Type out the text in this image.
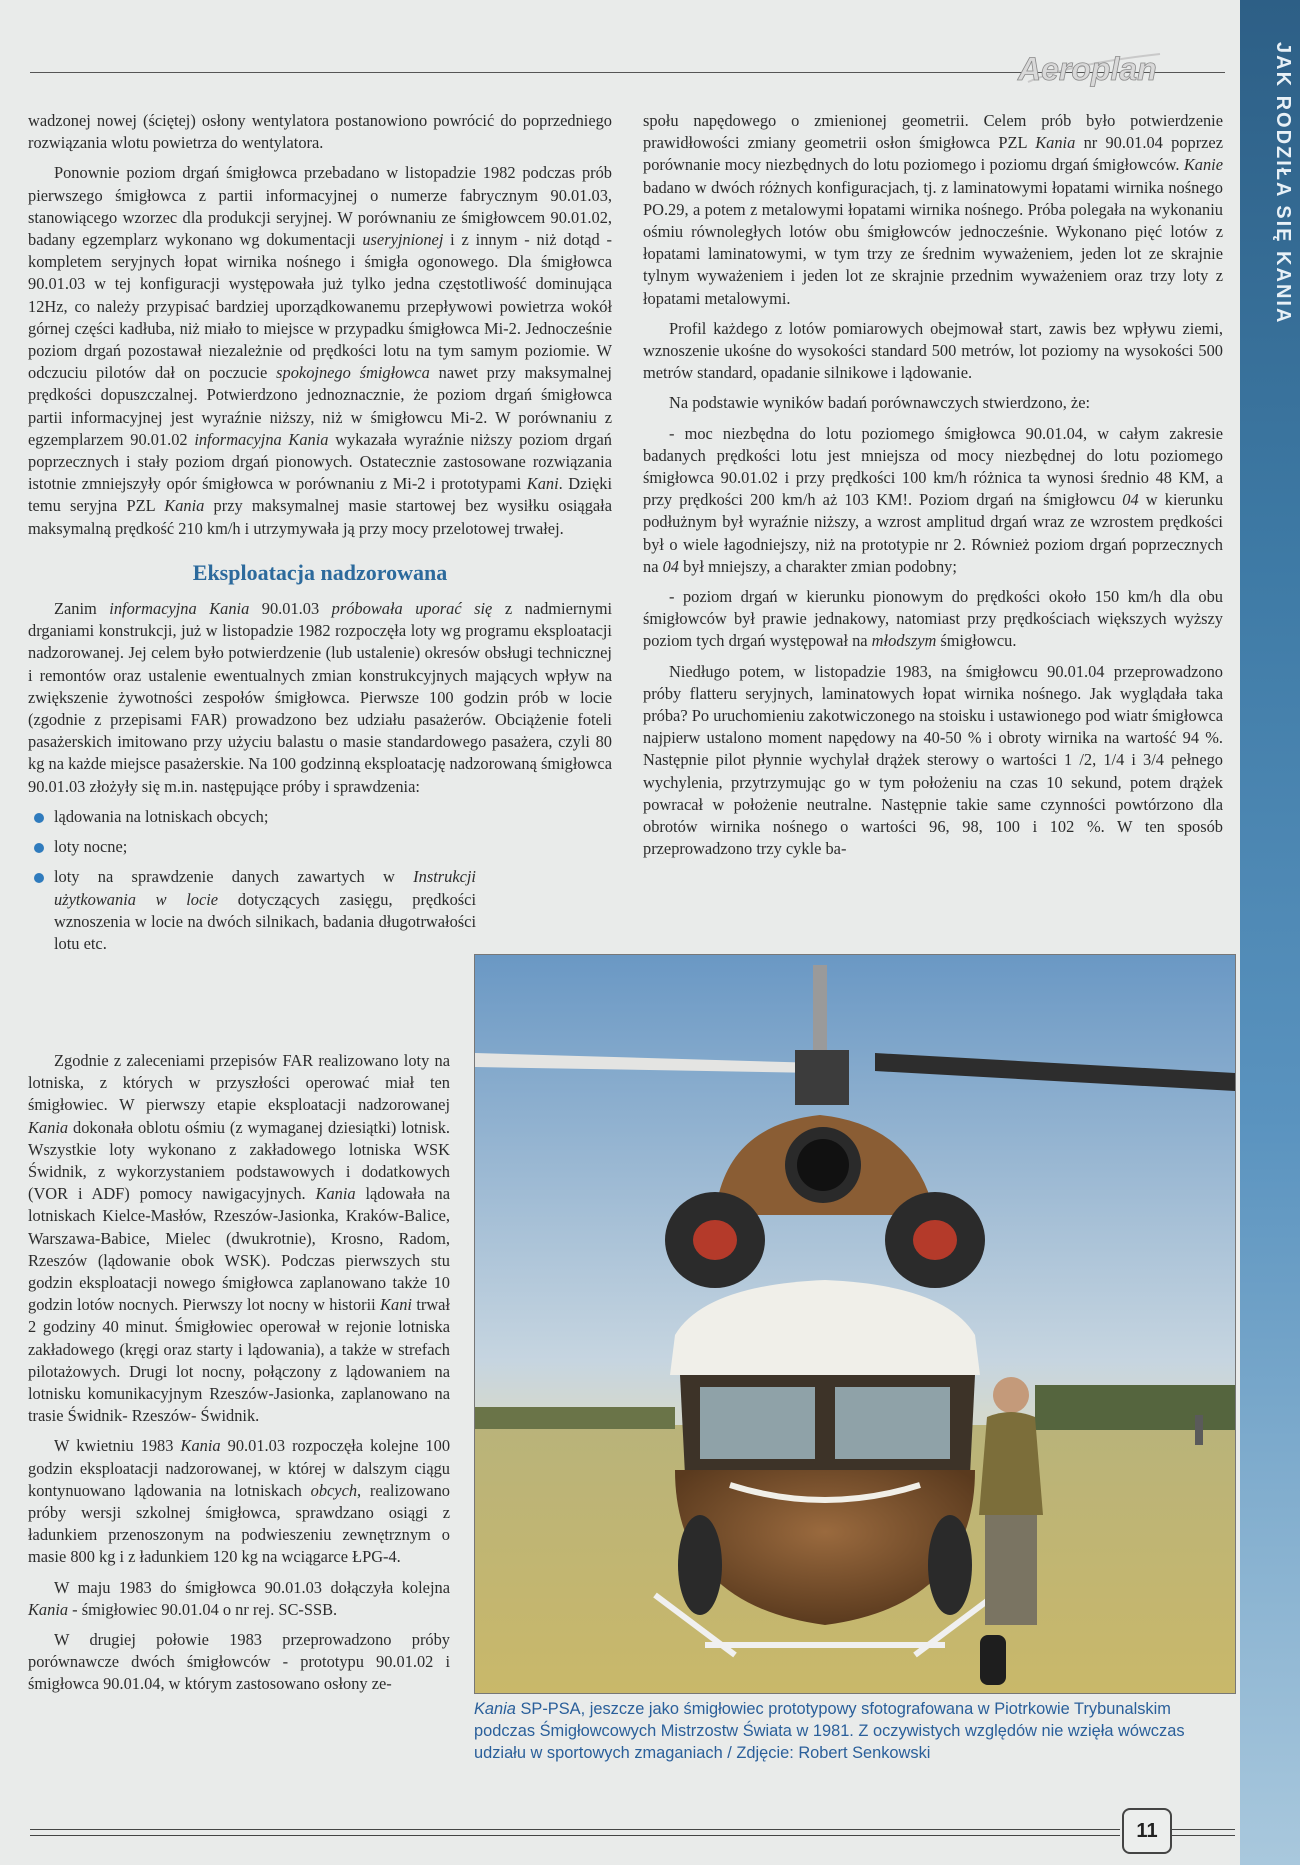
Aeroplan	JAK RODZIŁA SIĘ KANIA

wadzonej nowej (ściętej) osłony wentylatora postanowiono powrócić do poprzedniego rozwiązania wlotu powietrza do wentylatora.

Ponownie poziom drgań śmigłowca przebadano w listopadzie 1982 podczas prób pierwszego śmigłowca z partii informacyjnej o numerze fabrycznym 90.01.03, stanowiącego wzorzec dla produkcji seryjnej. W porównaniu ze śmigłowcem 90.01.02, badany egzemplarz wykonano wg dokumentacji useryjnionej i z innym - niż dotąd - kompletem seryjnych łopat wirnika nośnego i śmigła ogonowego. Dla śmigłowca 90.01.03 w tej konfiguracji występowała już tylko jedna częstotliwość dominująca 12Hz, co należy przypisać bardziej uporządkowanemu przepływowi powietrza wokół górnej części kadłuba, niż miało to miejsce w przypadku śmigłowca Mi-2. Jednocześnie poziom drgań pozostawał niezależnie od prędkości lotu na tym samym poziomie. W odczuciu pilotów dał on poczucie spokojnego śmigłowca nawet przy maksymalnej prędkości dopuszczalnej. Potwierdzono jednoznacznie, że poziom drgań śmigłowca partii informacyjnej jest wyraźnie niższy, niż w śmigłowcu Mi-2. W porównaniu z egzemplarzem 90.01.02 informacyjna Kania wykazała wyraźnie niższy poziom drgań poprzecznych i stały poziom drgań pionowych. Ostatecznie zastosowane rozwiązania istotnie zmniejszyły opór śmigłowca w porównaniu z Mi-2 i prototypami Kani. Dzięki temu seryjna PZL Kania przy maksymalnej masie startowej bez wysiłku osiągała maksymalną prędkość 210 km/h i utrzymywała ją przy mocy przelotowej trwałej.

Eksploatacja nadzorowana

Zanim informacyjna Kania 90.01.03 próbowała uporać się z nadmiernymi drganiami konstrukcji, już w listopadzie 1982 rozpoczęła loty wg programu eksploatacji nadzorowanej. Jej celem było potwierdzenie (lub ustalenie) okresów obsługi technicznej i remontów oraz ustalenie ewentualnych zmian konstrukcyjnych mających wpływ na zwiększenie żywotności zespołów śmigłowca. Pierwsze 100 godzin prób w locie (zgodnie z przepisami FAR) prowadzono bez udziału pasażerów. Obciążenie foteli pasażerskich imitowano przy użyciu balastu o masie standardowego pasażera, czyli 80 kg na każde miejsce pasażerskie. Na 100 godzinną eksploatację nadzorowaną śmigłowca 90.01.03 złożyły się m.in. następujące próby i sprawdzenia:

lądowania na lotniskach obcych;
loty nocne;
loty na sprawdzenie danych zawartych w Instrukcji użytkowania w locie dotyczących zasięgu, prędkości wznoszenia w locie na dwóch silnikach, badania długotrwałości lotu etc.

Zgodnie z zaleceniami przepisów FAR realizowano loty na lotniska, z których w przyszłości operować miał ten śmigłowiec. W pierwszy etapie eksploatacji nadzorowanej Kania dokonała oblotu ośmiu (z wymaganej dziesiątki) lotnisk. Wszystkie loty wykonano z zakładowego lotniska WSK Świdnik, z wykorzystaniem podstawowych i dodatkowych (VOR i ADF) pomocy nawigacyjnych. Kania lądowała na lotniskach Kielce-Masłów, Rzeszów-Jasionka, Kraków-Balice, Warszawa-Babice, Mielec (dwukrotnie), Krosno, Radom, Rzeszów (lądowanie obok WSK). Podczas pierwszych stu godzin eksploatacji nowego śmigłowca zaplanowano także 10 godzin lotów nocnych. Pierwszy lot nocny w historii Kani trwał 2 godziny 40 minut. Śmigłowiec operował w rejonie lotniska zakładowego (kręgi oraz starty i lądowania), a także w strefach pilotażowych. Drugi lot nocny, połączony z lądowaniem na lotnisku komunikacyjnym Rzeszów-Jasionka, zaplanowano na trasie Świdnik- Rzeszów- Świdnik.

W kwietniu 1983 Kania 90.01.03 rozpoczęła kolejne 100 godzin eksploatacji nadzorowanej, w której w dalszym ciągu kontynuowano lądowania na lotniskach obcych, realizowano próby wersji szkolnej śmigłowca, sprawdzano osiągi z ładunkiem przenoszonym na podwieszeniu zewnętrznym o masie 800 kg i z ładunkiem 120 kg na wciągarce ŁPG-4.

W maju 1983 do śmigłowca 90.01.03 dołączyła kolejna Kania - śmigłowiec 90.01.04 o nr rej. SC-SSB.

W drugiej połowie 1983 przeprowadzono próby porównawcze dwóch śmigłowców - prototypu 90.01.02 i śmigłowca 90.01.04, w którym zastosowano osłony ze-

społu napędowego o zmienionej geometrii. Celem prób było potwierdzenie prawidłowości zmiany geometrii osłon śmigłowca PZL Kania nr 90.01.04 poprzez porównanie mocy niezbędnych do lotu poziomego i poziomu drgań śmigłowców. Kanie badano w dwóch różnych konfiguracjach, tj. z laminatowymi łopatami wirnika nośnego PO.29, a potem z metalowymi łopatami wirnika nośnego. Próba polegała na wykonaniu ośmiu równoległych lotów obu śmigłowców jednocześnie. Wykonano pięć lotów z łopatami laminatowymi, w tym trzy ze średnim wyważeniem, jeden lot ze skrajnie tylnym wyważeniem i jeden lot ze skrajnie przednim wyważeniem oraz trzy loty z łopatami metalowymi.

Profil każdego z lotów pomiarowych obejmował start, zawis bez wpływu ziemi, wznoszenie ukośne do wysokości standard 500 metrów, lot poziomy na wysokości 500 metrów standard, opadanie silnikowe i lądowanie.

Na podstawie wyników badań porównawczych stwierdzono, że:

- moc niezbędna do lotu poziomego śmigłowca 90.01.04, w całym zakresie badanych prędkości lotu jest mniejsza od mocy niezbędnej do lotu poziomego śmigłowca 90.01.02 i przy prędkości 100 km/h różnica ta wynosi średnio 48 KM, a przy prędkości 200 km/h aż 103 KM!. Poziom drgań na śmigłowcu 04 w kierunku podłużnym był wyraźnie niższy, a wzrost amplitud drgań wraz ze wzrostem prędkości był o wiele łagodniejszy, niż na prototypie nr 2. Również poziom drgań poprzecznych na 04 był mniejszy, a charakter zmian podobny;

- poziom drgań w kierunku pionowym do prędkości około 150 km/h dla obu śmigłowców był prawie jednakowy, natomiast przy prędkościach większych wyższy poziom tych drgań występował na młodszym śmigłowcu.

Niedługo potem, w listopadzie 1983, na śmigłowcu 90.01.04 przeprowadzono próby flatteru seryjnych, laminatowych łopat wirnika nośnego. Jak wyglądała taka próba? Po uruchomieniu zakotwiczonego na stoisku i ustawionego pod wiatr śmigłowca najpierw ustalono moment napędowy na 40-50 % i obroty wirnika na wartość 94 %. Następnie pilot płynnie wychylał drążek sterowy o wartości 1 /2, 1/4 i 3/4 pełnego wychylenia, przytrzymując go w tym położeniu na czas 10 sekund, potem drążek powracał w położenie neutralne. Następnie takie same czynności powtórzono dla obrotów wirnika nośnego o wartości 96, 98, 100 i 102 %. W ten sposób przeprowadzono trzy cykle ba-

Kania SP-PSA, jeszcze jako śmigłowiec prototypowy sfotografowana w Piotrkowie Trybunalskim podczas Śmigłowcowych Mistrzostw Świata w 1981. Z oczywistych względów nie wzięła wówczas udziału w sportowych zmaganiach / Zdjęcie: Robert Senkowski
11
